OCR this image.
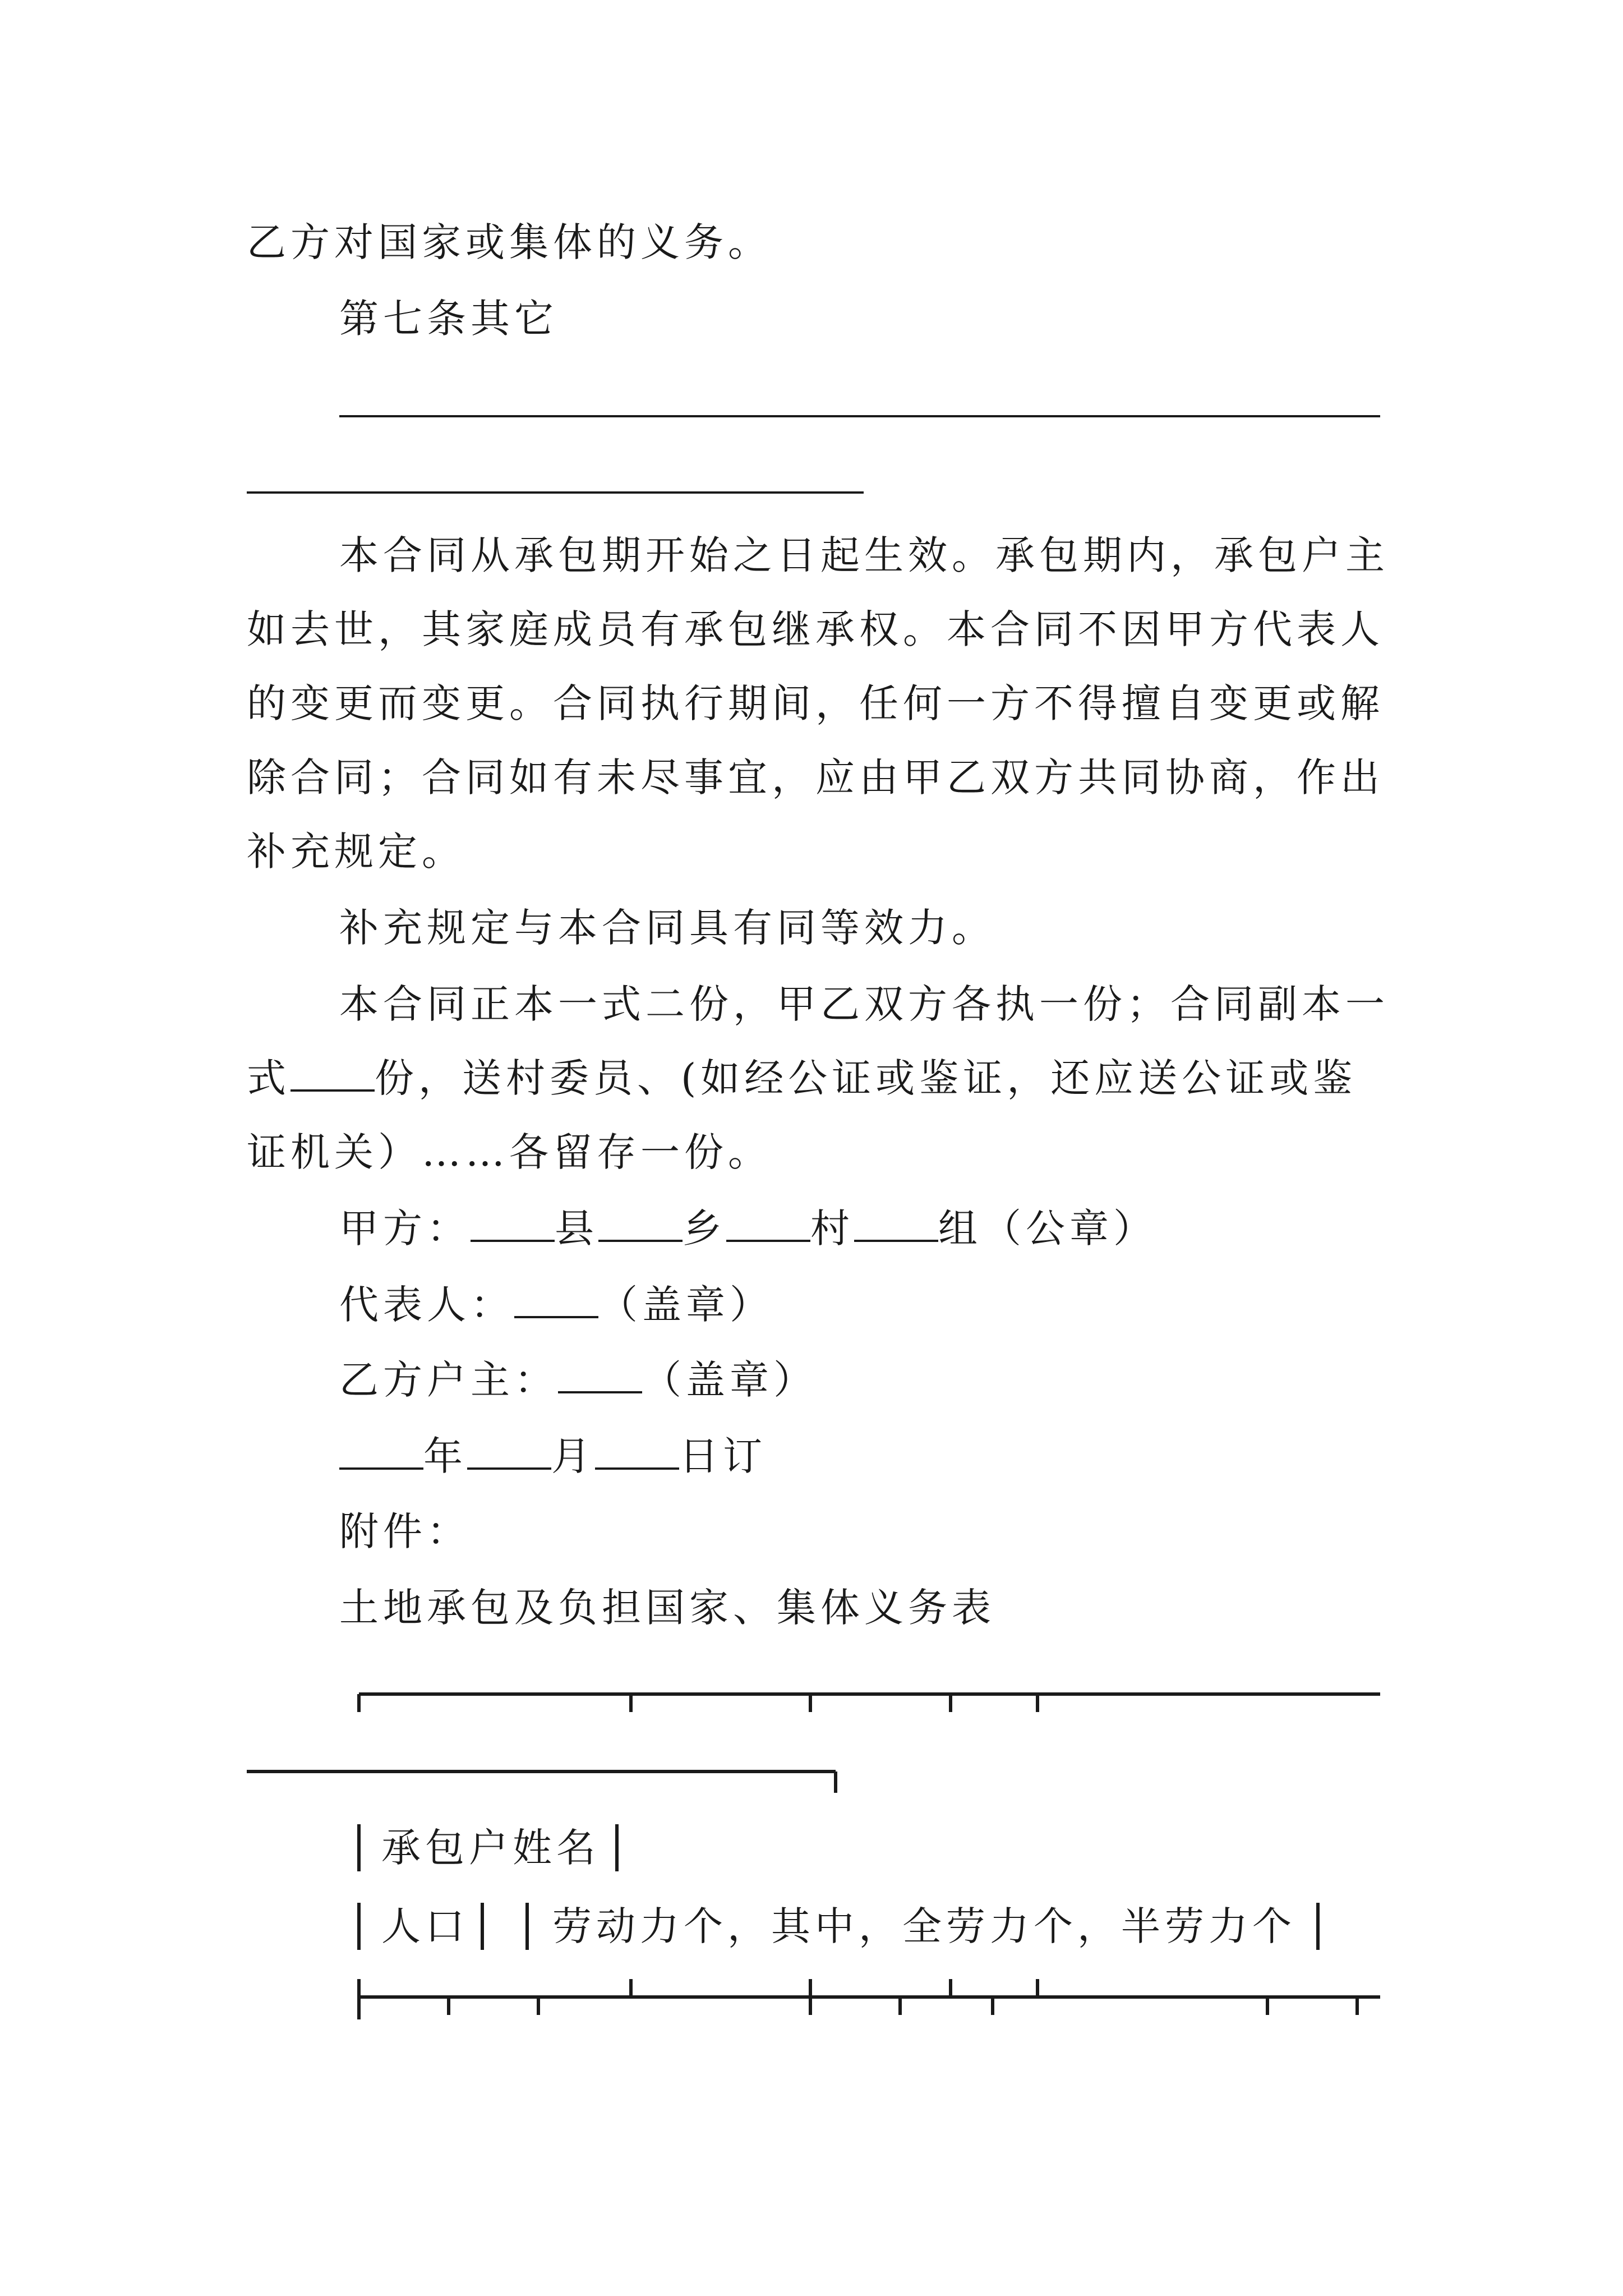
乙方对国家或集体的义务。
第七条其它
本合同从承包期开始之日起生效。承包期内，承包户主
如去世，其家庭成员有承包继承权。本合同不因甲方代表人
的变更而变更。合同执行期间，任何一方不得擅自变更或解
除合同；合同如有未尽事宜，应由甲乙双方共同协商，作出
补充规定。
补充规定与本合同具有同等效力。
本合同正本一式二份，甲乙双方各执一份；合同副本一
式 份，送村委员、(如经公证或鉴证，还应送公证或鉴
证机关）……各留存一份。
甲方： 县 乡 村 组（公章）
代表人： （盖章）
乙方户主： （盖章）
年 月 日订
附件：
土地承包及负担国家、集体义务表
承包户姓名
人口 劳动力个，其中，全劳力个，半劳力个
